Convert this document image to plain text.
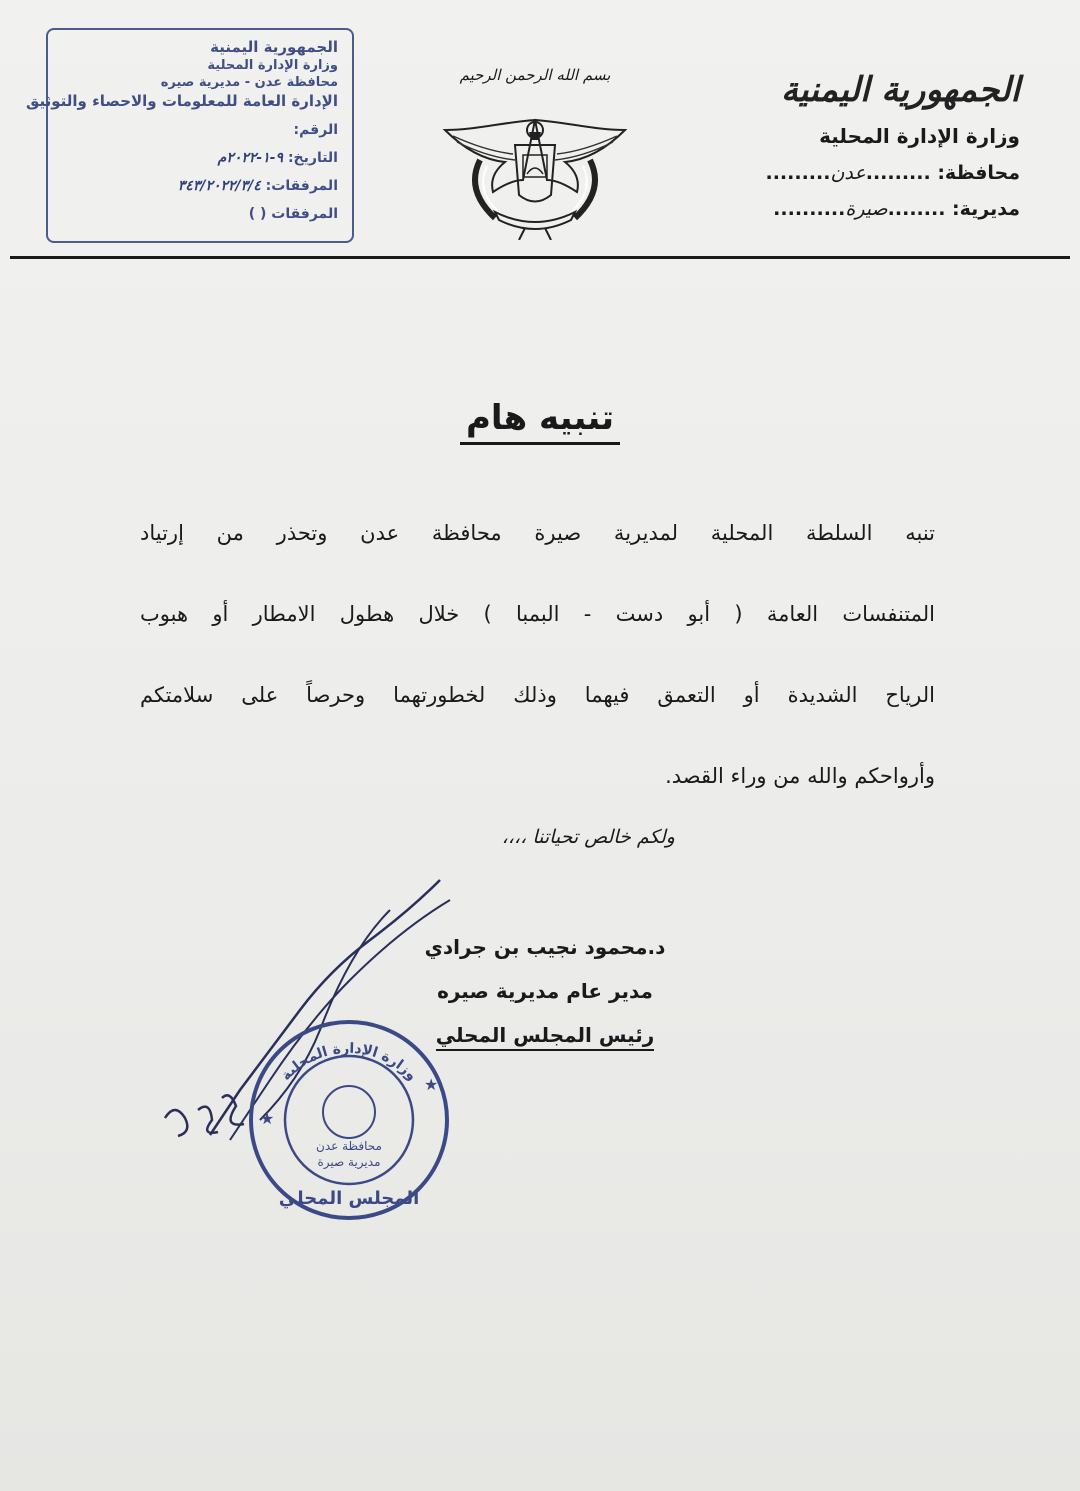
الجمهورية اليمنية
وزارة الإدارة المحلية
محافظة عدن - مديرية صيره
الإدارة العامة للمعلومات والاحصاء والتوثيق
الرقم:
التاريخ: ٩-١-٢٠٢٢م
المرفقات: ٣٤٣/٢٠٢٢/٣/٤
المرفقات ( )
بسم الله الرحمن الرحيم	الجمهورية اليمنية
وزارة الإدارة المحلية
محافظة: .........عدن.........
مديرية: ........صيرة..........
تنبيه هام

تنبه السلطة المحلية لمديرية صيرة محافظة عدن وتحذر من إرتياد

المتنفسات العامة ( أبو دست - البمبا ) خلال هطول الامطار أو هبوب

الرياح الشديدة أو التعمق فيهما وذلك لخطورتهما وحرصاً على سلامتكم

وأرواحكم والله من وراء القصد.

ولكم خالص تحياتنا ،،،،
د.محمود نجيب بن جرادي
مدير عام مديرية صيره
رئيس المجلس المحلي
وزارة الإدارة المحلية
محافظة عدن
مديرية صيرة
المجلس المحلي
★
★
